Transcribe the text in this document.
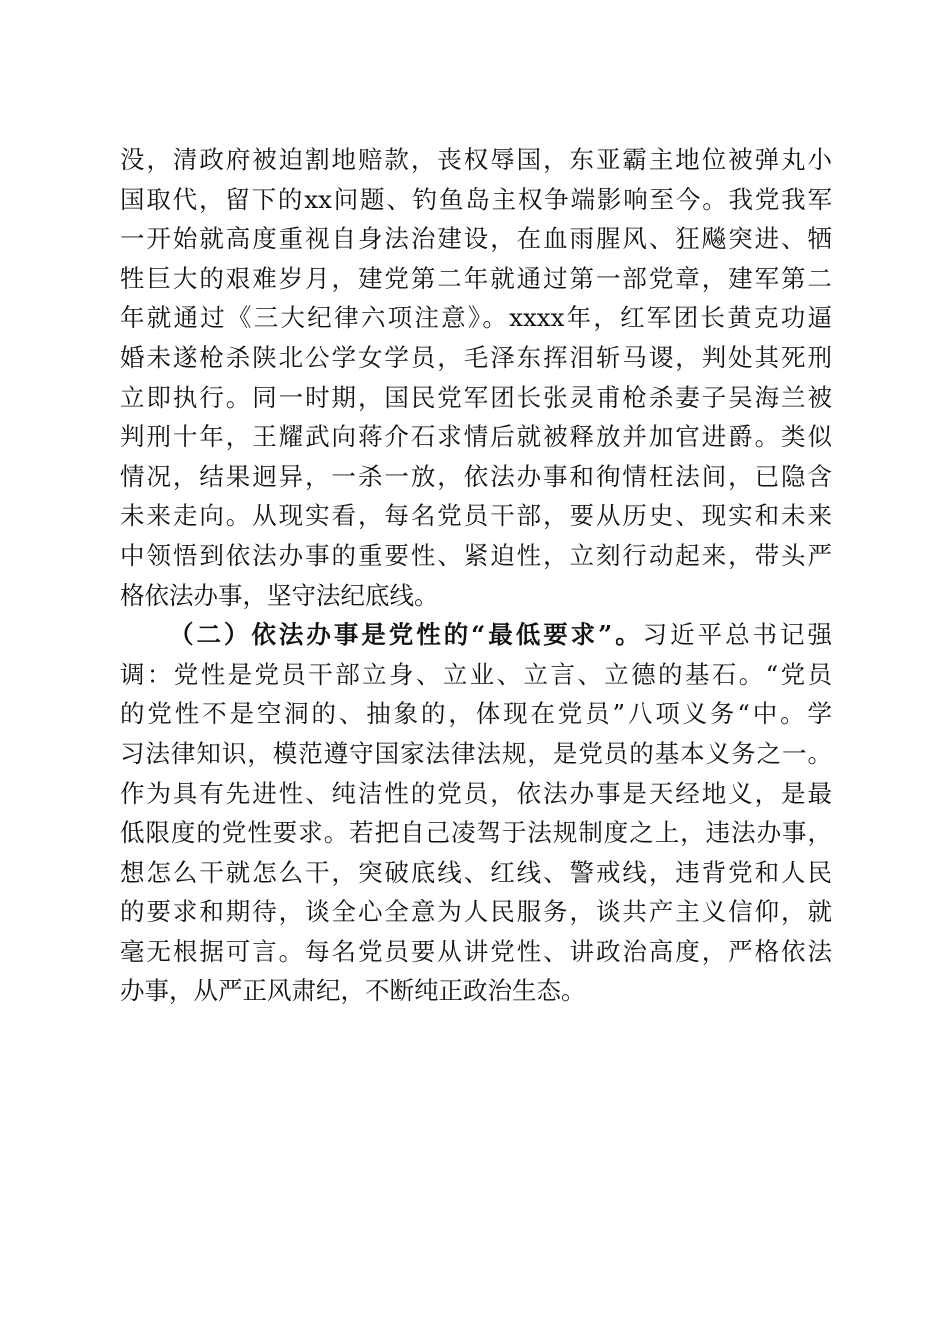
没，清政府被迫割地赔款，丧权辱国，东亚霸主地位被弹丸小
国取代，留下的xx问题、钓鱼岛主权争端影响至今。我党我军
一开始就高度重视自身法治建设，在血雨腥风、狂飚突进、牺
牲巨大的艰难岁月，建党第二年就通过第一部党章，建军第二
年就通过《三大纪律六项注意》。xxxx年，红军团长黄克功逼
婚未遂枪杀陕北公学女学员，毛泽东挥泪斩马谡，判处其死刑
立即执行。同一时期，国民党军团长张灵甫枪杀妻子吴海兰被
判刑十年，王耀武向蒋介石求情后就被释放并加官进爵。类似
情况，结果迥异，一杀一放，依法办事和徇情枉法间，已隐含
未来走向。从现实看，每名党员干部，要从历史、现实和未来
中领悟到依法办事的重要性、紧迫性，立刻行动起来，带头严
格依法办事，坚守法纪底线。
（二）依法办事是党性的“最低要求”。习近平总书记强
调：党性是党员干部立身、立业、立言、立德的基石。“党员
的党性不是空洞的、抽象的，体现在党员”八项义务“中。学
习法律知识，模范遵守国家法律法规，是党员的基本义务之一。
作为具有先进性、纯洁性的党员，依法办事是天经地义，是最
低限度的党性要求。若把自己凌驾于法规制度之上，违法办事，
想怎么干就怎么干，突破底线、红线、警戒线，违背党和人民
的要求和期待，谈全心全意为人民服务，谈共产主义信仰，就
毫无根据可言。每名党员要从讲党性、讲政治高度，严格依法
办事，从严正风肃纪，不断纯正政治生态。
